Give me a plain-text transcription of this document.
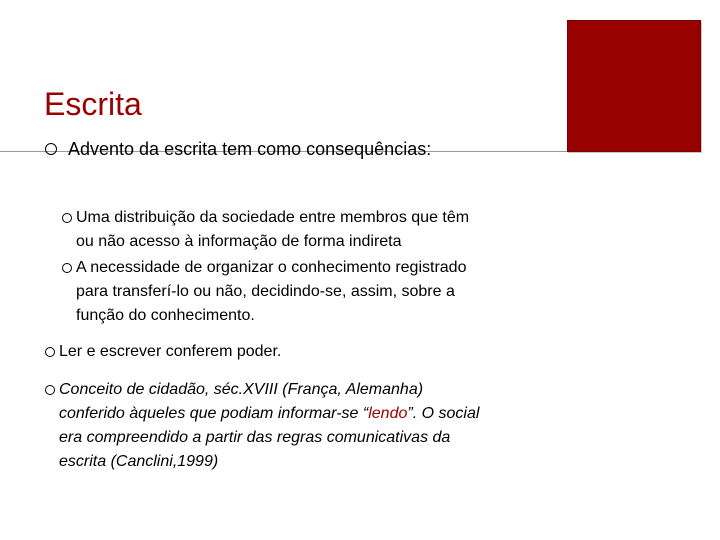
Escrita
Advento da escrita tem como consequências:
Uma distribuição da sociedade entre membros que têm
ou não acesso à informação de forma indireta
A necessidade de organizar o conhecimento registrado
para transferí-lo ou não, decidindo-se, assim, sobre a
função do conhecimento.
Ler e escrever conferem poder.
Conceito de cidadão, séc.XVIII (França, Alemanha)
conferido àqueles que podiam informar-se “lendo”. O social
era compreendido a partir das regras comunicativas da
escrita (Canclini,1999)
